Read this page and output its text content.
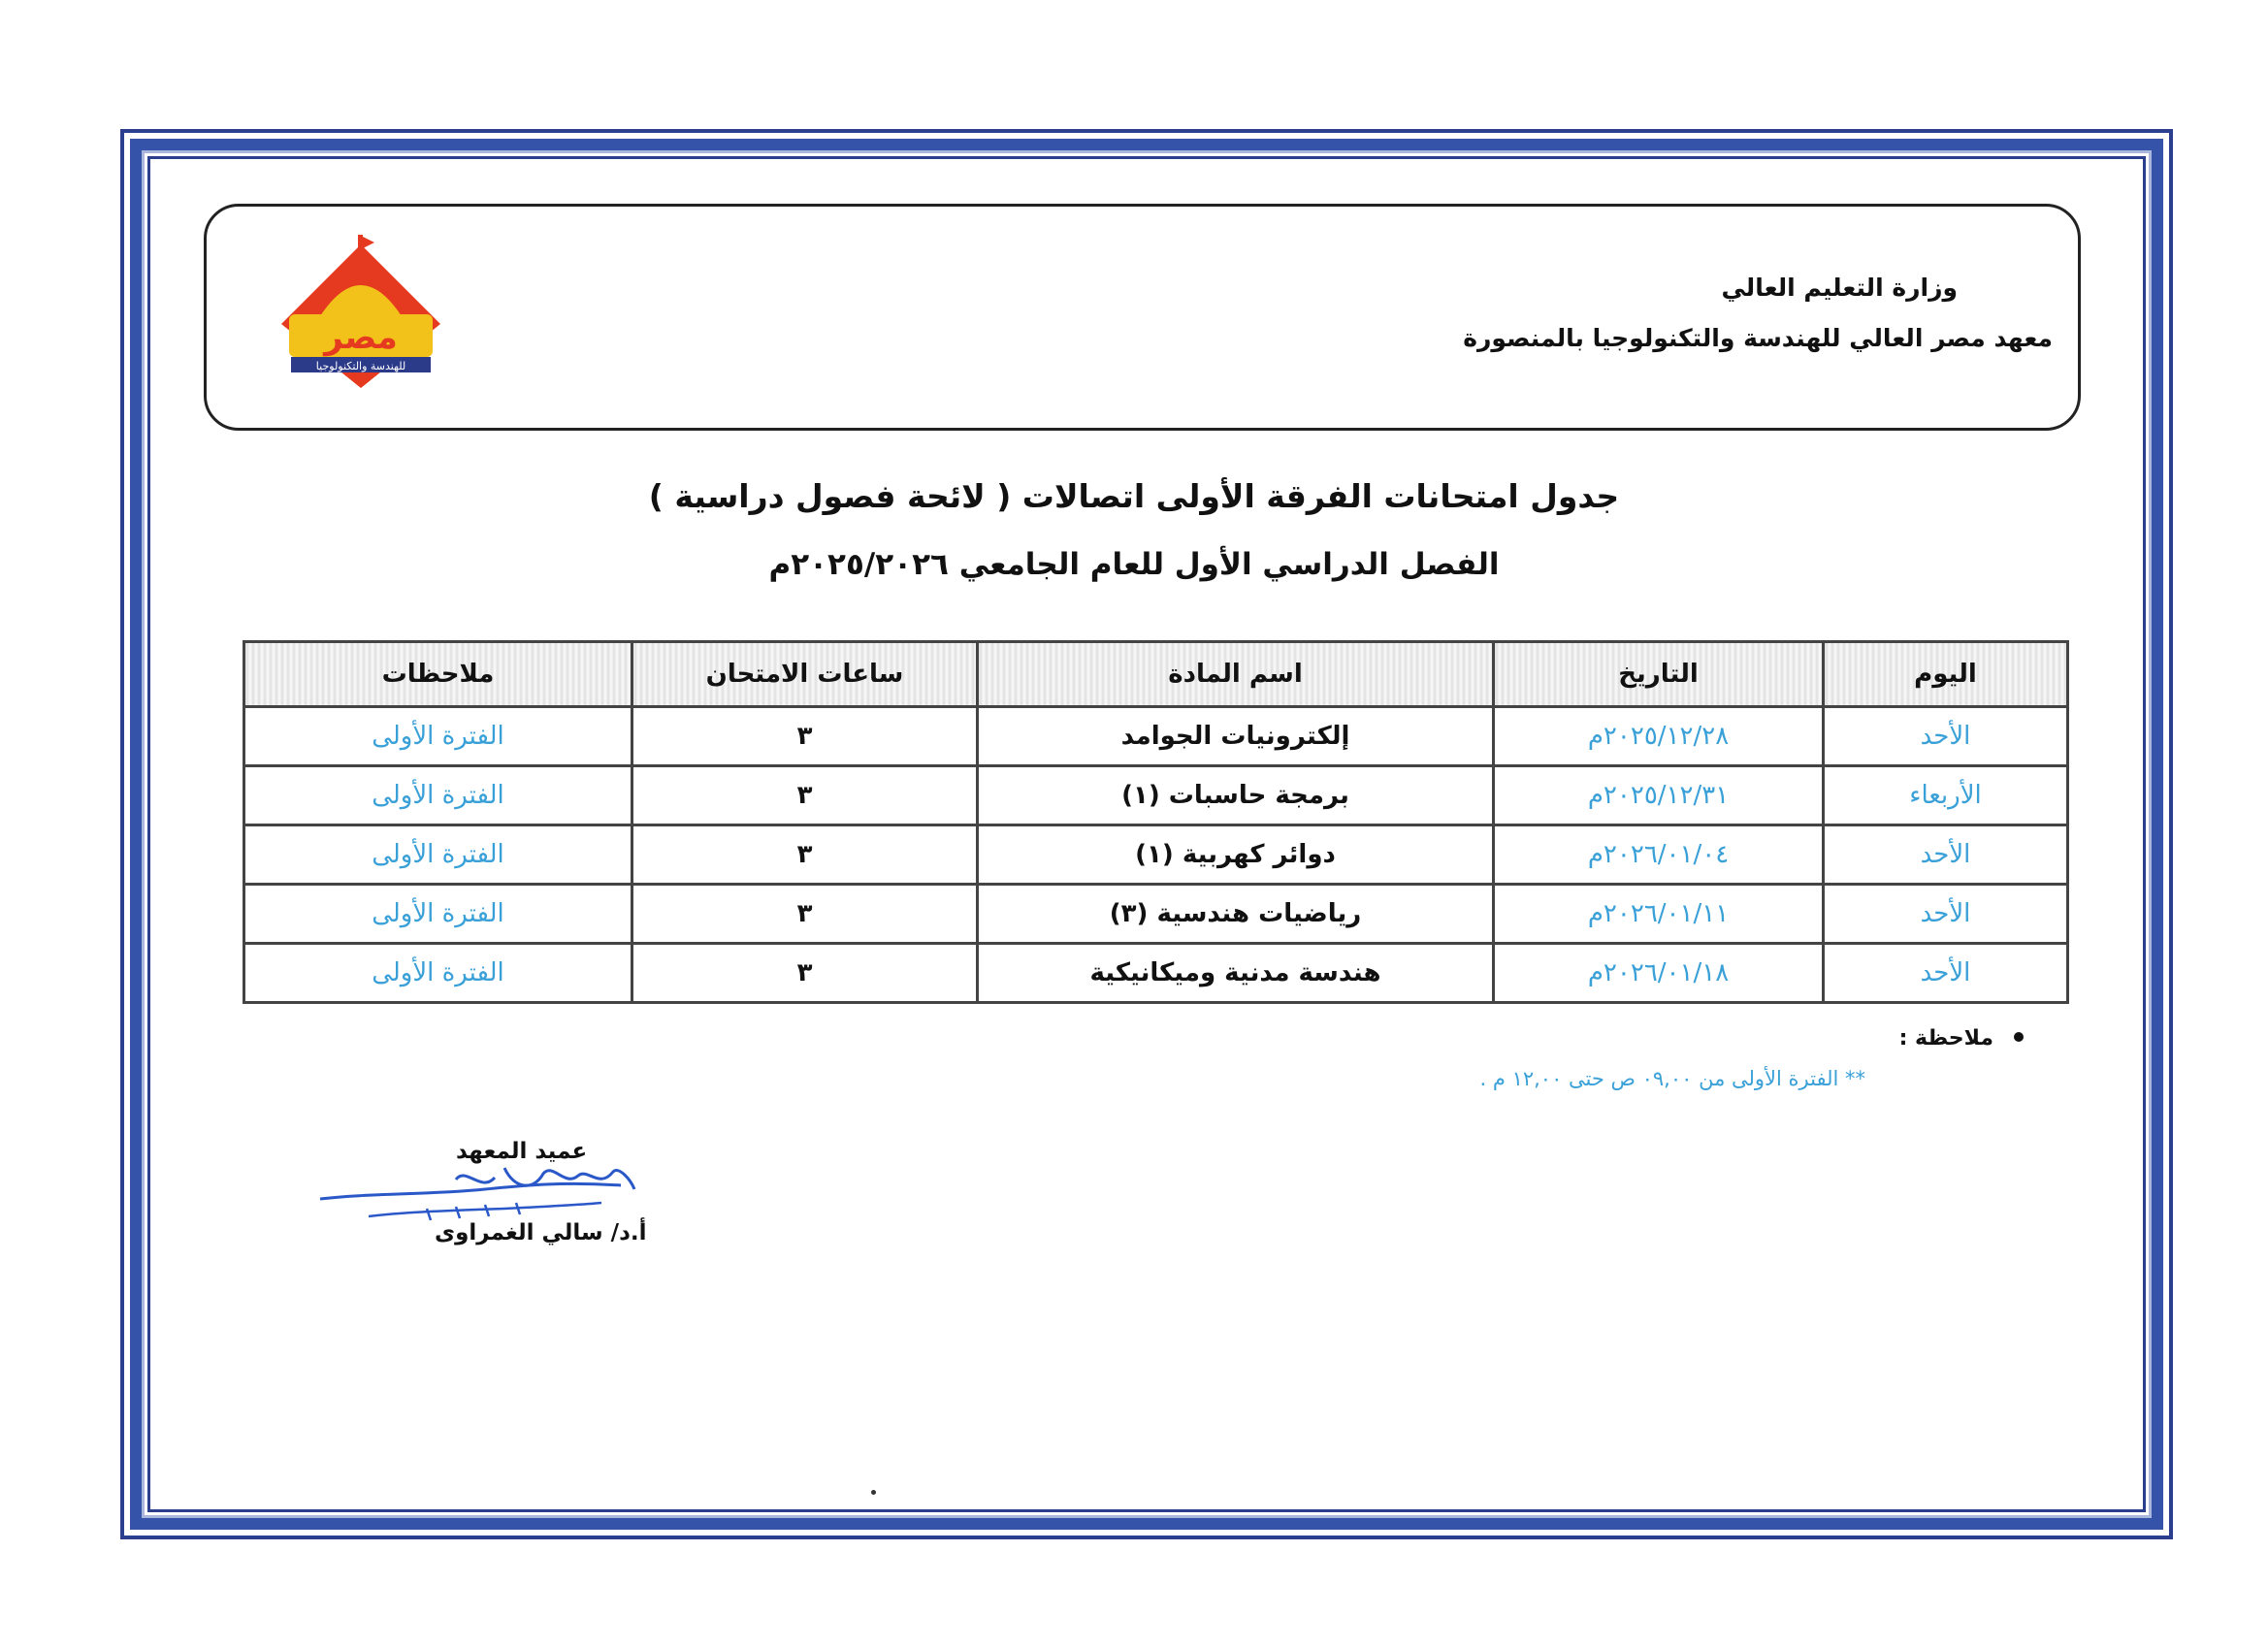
وزارة التعليم العالي
معهد مصر العالي للهندسة والتكنولوجيا بالمنصورة
مصر
للهندسة والتكنولوجيا
جدول امتحانات الفرقة الأولى اتصالات ( لائحة فصول دراسية )
الفصل الدراسي الأول للعام الجامعي ٢٠٢٥/٢٠٢٦م
اليوم	التاريخ	اسم المادة	ساعات الامتحان	ملاحظات
الأحد	٢٠٢٥/١٢/٢٨م	إلكترونيات الجوامد	٣	الفترة الأولى
الأربعاء	٢٠٢٥/١٢/٣١م	برمجة حاسبات (١)	٣	الفترة الأولى
الأحد	٢٠٢٦/٠١/٠٤م	دوائر كهربية (١)	٣	الفترة الأولى
الأحد	٢٠٢٦/٠١/١١م	رياضيات هندسية (٣)	٣	الفترة الأولى
الأحد	٢٠٢٦/٠١/١٨م	هندسة مدنية وميكانيكية	٣	الفترة الأولى
ملاحظة :
** الفترة الأولى من ٠٩,٠٠ ص حتى ١٢,٠٠ م .
عميد المعهد
أ.د/ سالي الغمراوى
